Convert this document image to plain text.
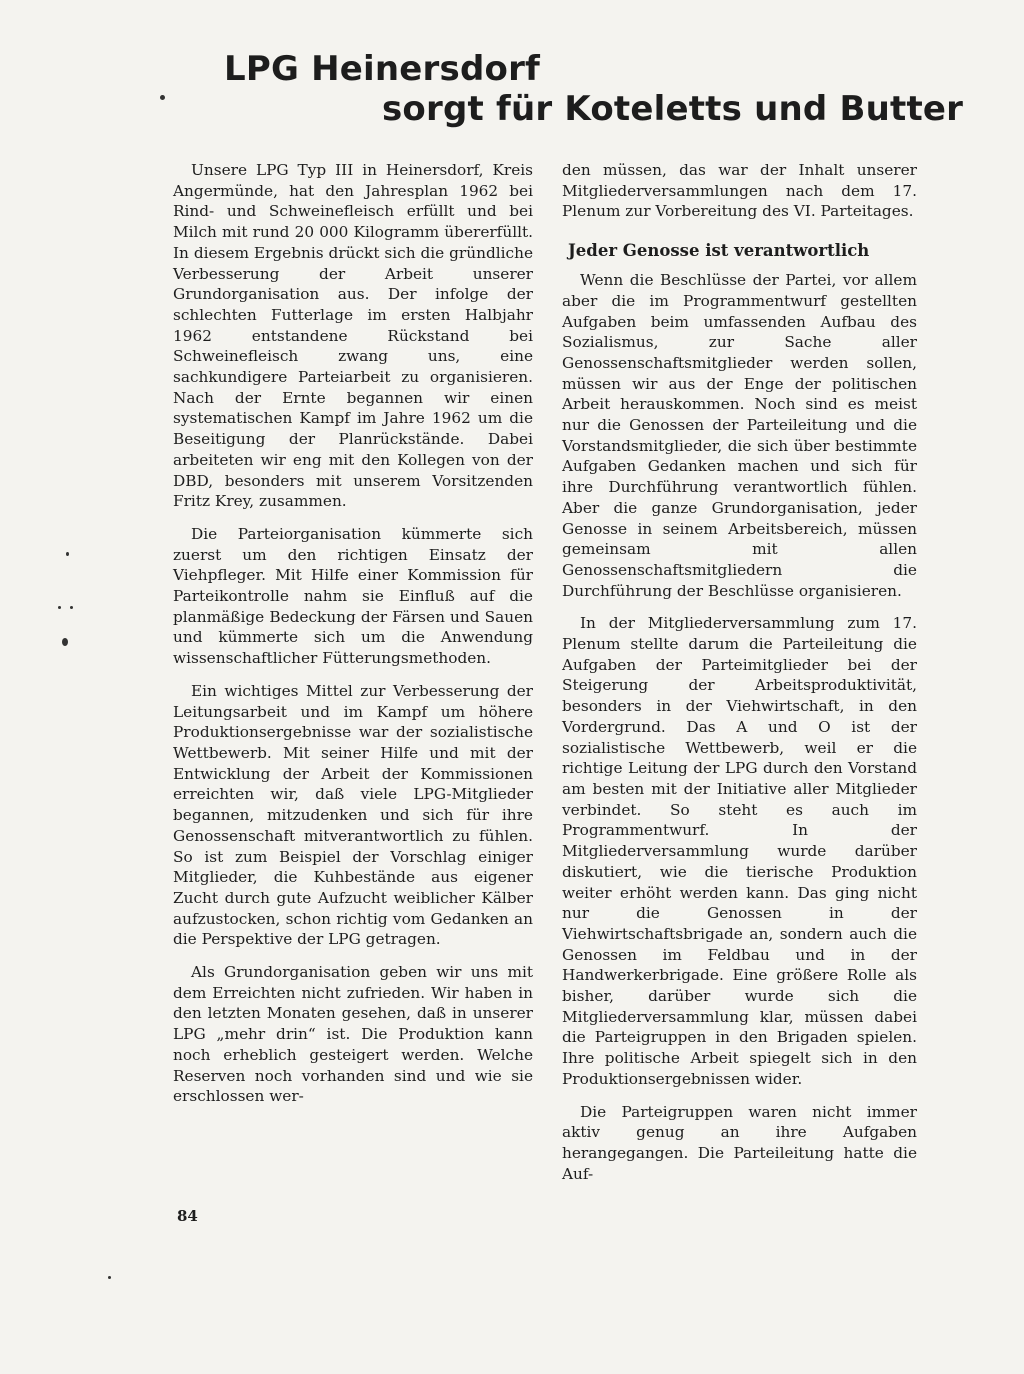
LPG Heinersdorf
sorgt für Koteletts und Butter

Unsere LPG Typ III in Heinersdorf, Kreis Angermünde, hat den Jahresplan 1962 bei Rind- und Schweinefleisch erfüllt und bei Milch mit rund 20 000 Kilogramm übererfüllt. In diesem Ergebnis drückt sich die gründliche Verbesserung der Arbeit unserer Grundorganisation aus. Der infolge der schlechten Futterlage im ersten Halbjahr 1962 entstandene Rückstand bei Schweinefleisch zwang uns, eine sachkundigere Parteiarbeit zu organisieren. Nach der Ernte begannen wir einen systematischen Kampf im Jahre 1962 um die Beseitigung der Planrückstände. Dabei arbeiteten wir eng mit den Kollegen von der DBD, besonders mit unserem Vorsitzenden Fritz Krey, zusammen.

Die Parteiorganisation kümmerte sich zuerst um den richtigen Einsatz der Viehpfleger. Mit Hilfe einer Kommission für Parteikontrolle nahm sie Einfluß auf die planmäßige Bedeckung der Färsen und Sauen und kümmerte sich um die Anwendung wissenschaftlicher Fütterungsmethoden.

Ein wichtiges Mittel zur Verbesserung der Leitungsarbeit und im Kampf um höhere Produktionsergebnisse war der sozialistische Wettbewerb. Mit seiner Hilfe und mit der Entwicklung der Arbeit der Kommissionen erreichten wir, daß viele LPG-Mitglieder begannen, mitzudenken und sich für ihre Genossenschaft mitverantwortlich zu fühlen. So ist zum Beispiel der Vorschlag einiger Mitglieder, die Kuhbestände aus eigener Zucht durch gute Aufzucht weiblicher Kälber aufzustocken, schon richtig vom Gedanken an die Perspektive der LPG getragen.

Als Grundorganisation geben wir uns mit dem Erreichten nicht zufrieden. Wir haben in den letzten Monaten gesehen, daß in unserer LPG „mehr drin“ ist. Die Produktion kann noch erheblich gesteigert werden. Welche Reserven noch vorhanden sind und wie sie erschlossen wer-

den müssen, das war der Inhalt unserer Mitgliederversammlungen nach dem 17. Plenum zur Vorbereitung des VI. Parteitages.

Jeder Genosse ist verantwortlich

Wenn die Beschlüsse der Partei, vor allem aber die im Programmentwurf gestellten Aufgaben beim umfassenden Aufbau des Sozialismus, zur Sache aller Genossenschaftsmitglieder werden sollen, müssen wir aus der Enge der politischen Arbeit herauskommen. Noch sind es meist nur die Genossen der Parteileitung und die Vorstandsmitglieder, die sich über bestimmte Aufgaben Gedanken machen und sich für ihre Durchführung verantwortlich fühlen. Aber die ganze Grundorganisation, jeder Genosse in seinem Arbeitsbereich, müssen gemeinsam mit allen Genossenschaftsmitgliedern die Durchführung der Beschlüsse organisieren.

In der Mitgliederversammlung zum 17. Plenum stellte darum die Parteileitung die Aufgaben der Parteimitglieder bei der Steigerung der Arbeitsproduktivität, besonders in der Viehwirtschaft, in den Vordergrund. Das A und O ist der sozialistische Wettbewerb, weil er die richtige Leitung der LPG durch den Vorstand am besten mit der Initiative aller Mitglieder verbindet. So steht es auch im Programmentwurf. In der Mitgliederversammlung wurde darüber diskutiert, wie die tierische Produktion weiter erhöht werden kann. Das ging nicht nur die Genossen in der Viehwirtschaftsbrigade an, sondern auch die Genossen im Feldbau und in der Handwerkerbrigade. Eine größere Rolle als bisher, darüber wurde sich die Mitgliederversammlung klar, müssen dabei die Parteigruppen in den Brigaden spielen. Ihre politische Arbeit spiegelt sich in den Produktionsergebnissen wider.

Die Parteigruppen waren nicht immer aktiv genug an ihre Aufgaben herangegangen. Die Parteileitung hatte die Auf-

84
